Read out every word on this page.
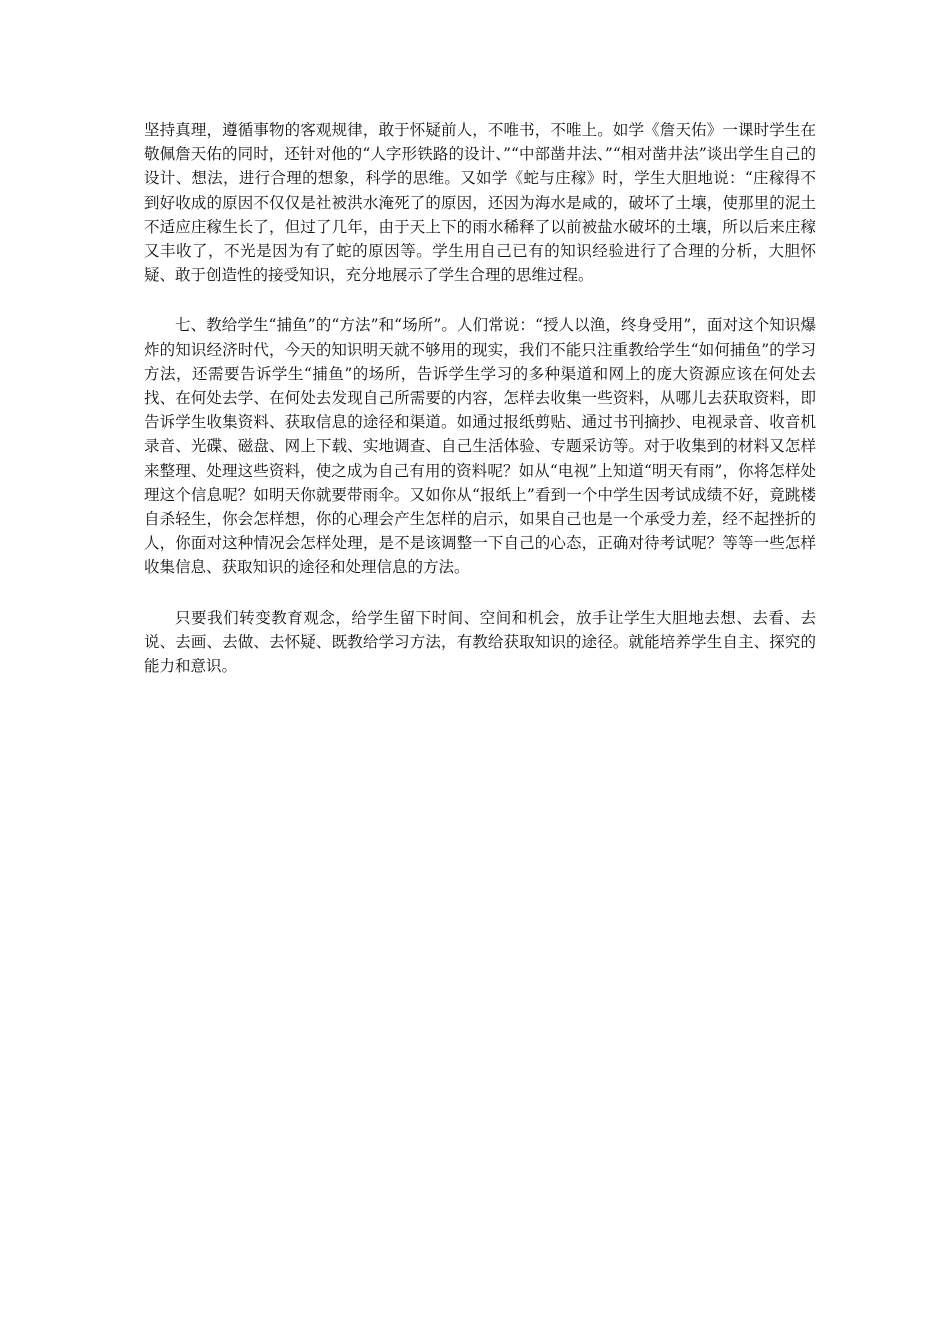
坚持真理，遵循事物的客观规律，敢于怀疑前人，不唯书，不唯上。如学《詹天佑》一课时学生在敬佩詹天佑的同时，还针对他的“人字形铁路的设计、”“中部凿井法、”“相对凿井法”谈出学生自己的设计、想法，进行合理的想象，科学的思维。又如学《蛇与庄稼》时，学生大胆地说：“庄稼得不到好收成的原因不仅仅是社被洪水淹死了的原因，还因为海水是咸的，破坏了土壤，使那里的泥土不适应庄稼生长了，但过了几年，由于天上下的雨水稀释了以前被盐水破坏的土壤，所以后来庄稼又丰收了，不光是因为有了蛇的原因等。学生用自己已有的知识经验进行了合理的分析，大胆怀疑、敢于创造性的接受知识，充分地展示了学生合理的思维过程。

七、教给学生“捕鱼”的“方法”和“场所”。人们常说：“授人以渔，终身受用”，面对这个知识爆炸的知识经济时代，今天的知识明天就不够用的现实，我们不能只注重教给学生“如何捕鱼”的学习方法，还需要告诉学生“捕鱼”的场所，告诉学生学习的多种渠道和网上的庞大资源应该在何处去找、在何处去学、在何处去发现自己所需要的内容，怎样去收集一些资料，从哪儿去获取资料，即告诉学生收集资料、获取信息的途径和渠道。如通过报纸剪贴、通过书刊摘抄、电视录音、收音机录音、光碟、磁盘、网上下载、实地调查、自己生活体验、专题采访等。对于收集到的材料又怎样来整理、处理这些资料，使之成为自己有用的资料呢？如从“电视”上知道“明天有雨”，你将怎样处理这个信息呢？如明天你就要带雨伞。又如你从“报纸上”看到一个中学生因考试成绩不好，竟跳楼自杀轻生，你会怎样想，你的心理会产生怎样的启示，如果自己也是一个承受力差，经不起挫折的人，你面对这种情况会怎样处理，是不是该调整一下自己的心态，正确对待考试呢？等等一些怎样收集信息、获取知识的途径和处理信息的方法。

只要我们转变教育观念，给学生留下时间、空间和机会，放手让学生大胆地去想、去看、去说、去画、去做、去怀疑、既教给学习方法，有教给获取知识的途径。就能培养学生自主、探究的能力和意识。
